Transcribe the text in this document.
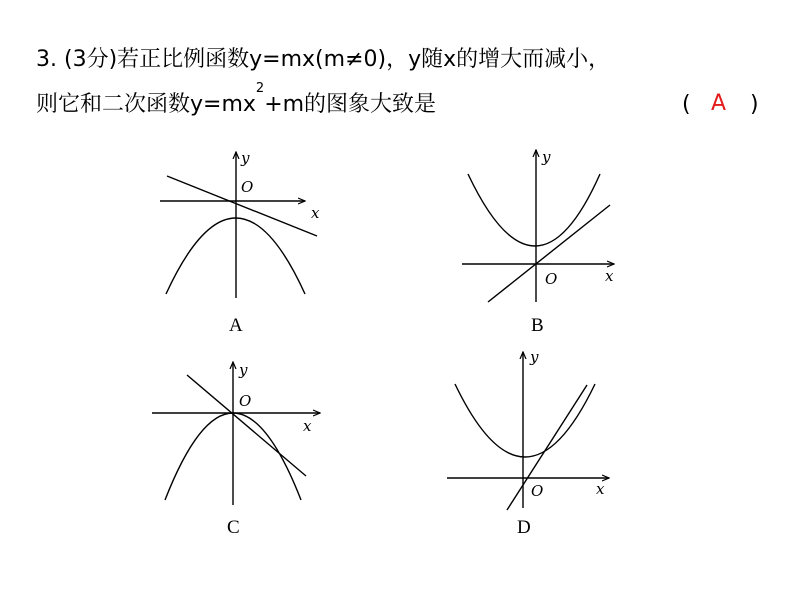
3. (3分)若正比例函数y=mx(m≠0)，y随x的增大而减小，
则它和二次函数$y=mx^2+m$的图象大致是	( A )
y
O
x
A
y
O	x
B
y
O
x
C
y
O	x
D
